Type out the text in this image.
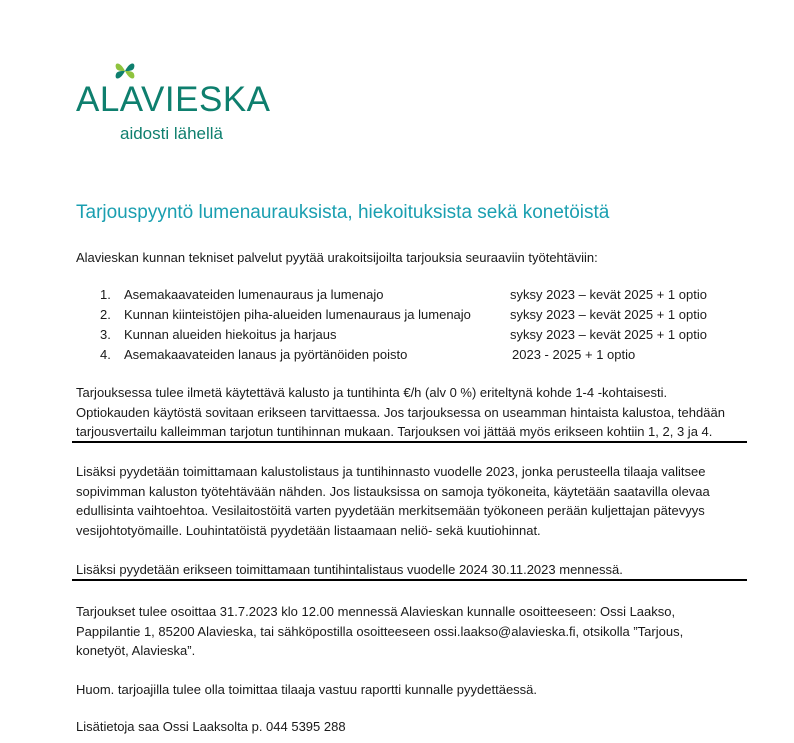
ALAVIESKA
aidosti lähellä
Tarjouspyyntö lumenaurauksista, hiekoituksista sekä konetöistä
Alavieskan kunnan tekniset palvelut pyytää urakoitsijoilta tarjouksia seuraaviin työtehtäviin:
1. Asemakaavateiden lumenauraus ja lumenajo	syksy 2023 – kevät 2025 + 1 optio
2. Kunnan kiinteistöjen piha-alueiden lumenauraus ja lumenajo	syksy 2023 – kevät 2025 + 1 optio
3. Kunnan alueiden hiekoitus ja harjaus	syksy 2023 – kevät 2025 + 1 optio
4. Asemakaavateiden lanaus ja pyörtänöiden poisto	2023 - 2025 + 1 optio
Tarjouksessa tulee ilmetä käytettävä kalusto ja tuntihinta €/h (alv 0 %) eriteltynä kohde 1-4 -kohtaisesti.
Optiokauden käytöstä sovitaan erikseen tarvittaessa. Jos tarjouksessa on useamman hintaista kalustoa, tehdään
tarjousvertailu kalleimman tarjotun tuntihinnan mukaan. Tarjouksen voi jättää myös erikseen kohtiin 1, 2, 3 ja 4.
Lisäksi pyydetään toimittamaan kalustolistaus ja tuntihinnasto vuodelle 2023, jonka perusteella tilaaja valitsee
sopivimman kaluston työtehtävään nähden. Jos listauksissa on samoja työkoneita, käytetään saatavilla olevaa
edullisinta vaihtoehtoa. Vesilaitostöitä varten pyydetään merkitsemään työkoneen perään kuljettajan pätevyys
vesijohtotyömaille. Louhintatöistä pyydetään listaamaan neliö- sekä kuutiohinnat.
Lisäksi pyydetään erikseen toimittamaan tuntihintalistaus vuodelle 2024 30.11.2023 mennessä.
Tarjoukset tulee osoittaa 31.7.2023 klo 12.00 mennessä Alavieskan kunnalle osoitteeseen: Ossi Laakso,
Pappilantie 1, 85200 Alavieska, tai sähköpostilla osoitteeseen ossi.laakso@alavieska.fi, otsikolla ”Tarjous,
konetyöt, Alavieska”.
Huom. tarjoajilla tulee olla toimittaa tilaaja vastuu raportti kunnalle pyydettäessä.
Lisätietoja saa Ossi Laaksolta p. 044 5395 288
